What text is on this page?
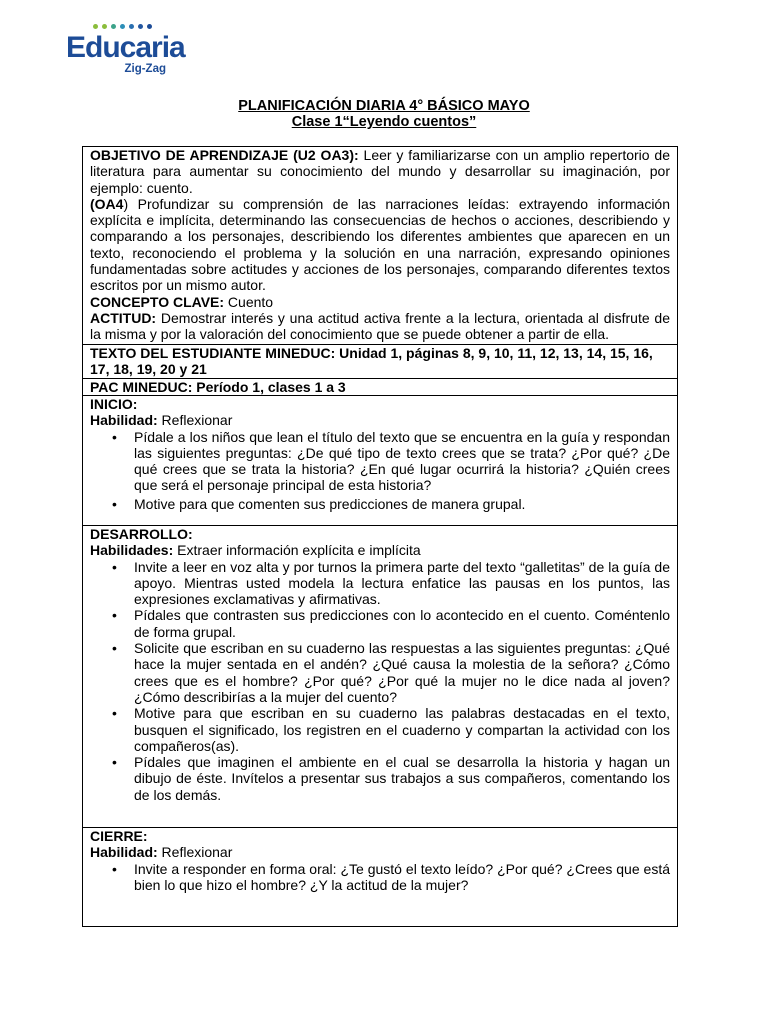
Educaria
Zig-Zag
PLANIFICACIÓN DIARIA 4° BÁSICO MAYO
Clase 1“Leyendo cuentos”
OBJETIVO DE APRENDIZAJE (U2 OA3): Leer y familiarizarse con un amplio repertorio de literatura para aumentar su conocimiento del mundo y desarrollar su imaginación, por ejemplo: cuento.
(OA4) Profundizar su comprensión de las narraciones leídas: extrayendo información explícita e implícita, determinando las consecuencias de hechos o acciones, describiendo y comparando a los personajes, describiendo los diferentes ambientes que aparecen en un texto, reconociendo el problema y la solución en una narración, expresando opiniones fundamentadas sobre actitudes y acciones de los personajes, comparando diferentes textos escritos por un mismo autor.
CONCEPTO CLAVE: Cuento
ACTITUD: Demostrar interés y una actitud activa frente a la lectura, orientada al disfrute de la misma y por la valoración del conocimiento que se puede obtener a partir de ella.
TEXTO DEL ESTUDIANTE MINEDUC: Unidad 1, páginas 8, 9, 10, 11, 12, 13, 14, 15, 16, 17, 18, 19, 20 y 21
PAC MINEDUC: Período 1, clases 1 a 3
INICIO:
Habilidad: Reflexionar
• Pídale a los niños que lean el título del texto que se encuentra en la guía y respondan las siguientes preguntas: ¿De qué tipo de texto crees que se trata? ¿Por qué? ¿De qué crees que se trata la historia? ¿En qué lugar ocurrirá la historia? ¿Quién crees que será el personaje principal de esta historia?
• Motive para que comenten sus predicciones de manera grupal.
DESARROLLO:
Habilidades: Extraer información explícita e implícita
• Invite a leer en voz alta y por turnos la primera parte del texto “galletitas” de la guía de apoyo. Mientras usted modela la lectura enfatice las pausas en los puntos, las expresiones exclamativas y afirmativas.
• Pídales que contrasten sus predicciones con lo acontecido en el cuento. Coméntenlo de forma grupal.
• Solicite que escriban en su cuaderno las respuestas a las siguientes preguntas: ¿Qué hace la mujer sentada en el andén? ¿Qué causa la molestia de la señora? ¿Cómo crees que es el hombre? ¿Por qué? ¿Por qué la mujer no le dice nada al joven? ¿Cómo describirías a la mujer del cuento?
• Motive para que escriban en su cuaderno las palabras destacadas en el texto, busquen el significado, los registren en el cuaderno y compartan la actividad con los compañeros(as).
• Pídales que imaginen el ambiente en el cual se desarrolla la historia y hagan un dibujo de éste. Invítelos a presentar sus trabajos a sus compañeros, comentando los de los demás.
CIERRE:
Habilidad: Reflexionar
• Invite a responder en forma oral: ¿Te gustó el texto leído? ¿Por qué? ¿Crees que está bien lo que hizo el hombre? ¿Y la actitud de la mujer?
